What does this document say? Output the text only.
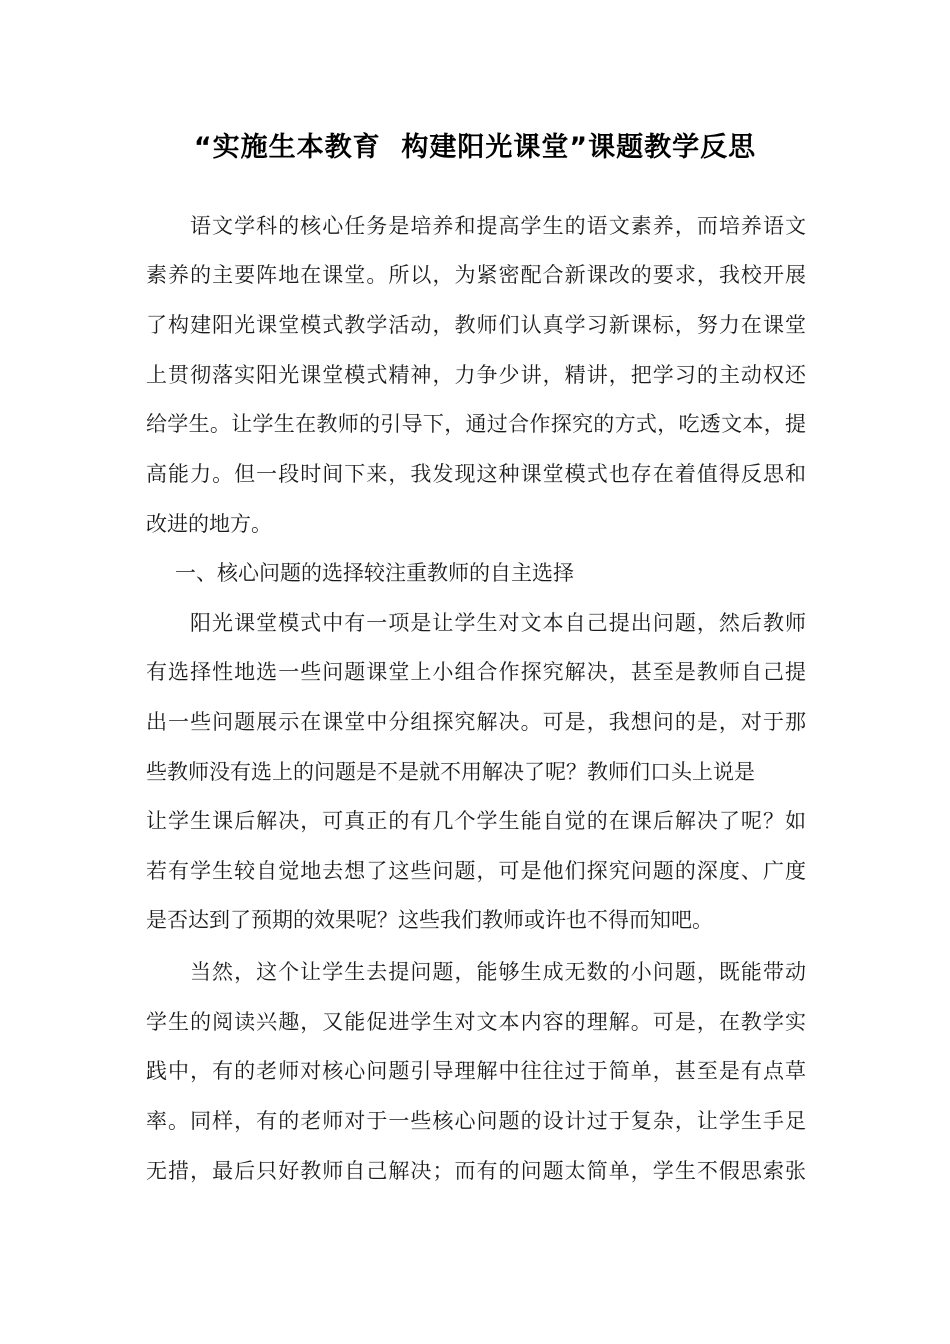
“实施生本教育  构建阳光课堂”课题教学反思
语文学科的核心任务是培养和提高学生的语文素养，而培养语文
素养的主要阵地在课堂。所以，为紧密配合新课改的要求，我校开展
了构建阳光课堂模式教学活动，教师们认真学习新课标，努力在课堂
上贯彻落实阳光课堂模式精神，力争少讲，精讲，把学习的主动权还
给学生。让学生在教师的引导下，通过合作探究的方式，吃透文本，提
高能力。但一段时间下来，我发现这种课堂模式也存在着值得反思和
改进的地方。
一、核心问题的选择较注重教师的自主选择
阳光课堂模式中有一项是让学生对文本自己提出问题，然后教师
有选择性地选一些问题课堂上小组合作探究解决，甚至是教师自己提
出一些问题展示在课堂中分组探究解决。可是，我想问的是，对于那
些教师没有选上的问题是不是就不用解决了呢？教师们口头上说是
让学生课后解决，可真正的有几个学生能自觉的在课后解决了呢？如
若有学生较自觉地去想了这些问题，可是他们探究问题的深度、广度
是否达到了预期的效果呢？这些我们教师或许也不得而知吧。
当然，这个让学生去提问题，能够生成无数的小问题，既能带动
学生的阅读兴趣，又能促进学生对文本内容的理解。可是，在教学实
践中，有的老师对核心问题引导理解中往往过于简单，甚至是有点草
率。同样，有的老师对于一些核心问题的设计过于复杂，让学生手足
无措，最后只好教师自己解决；而有的问题太简单，学生不假思索张
